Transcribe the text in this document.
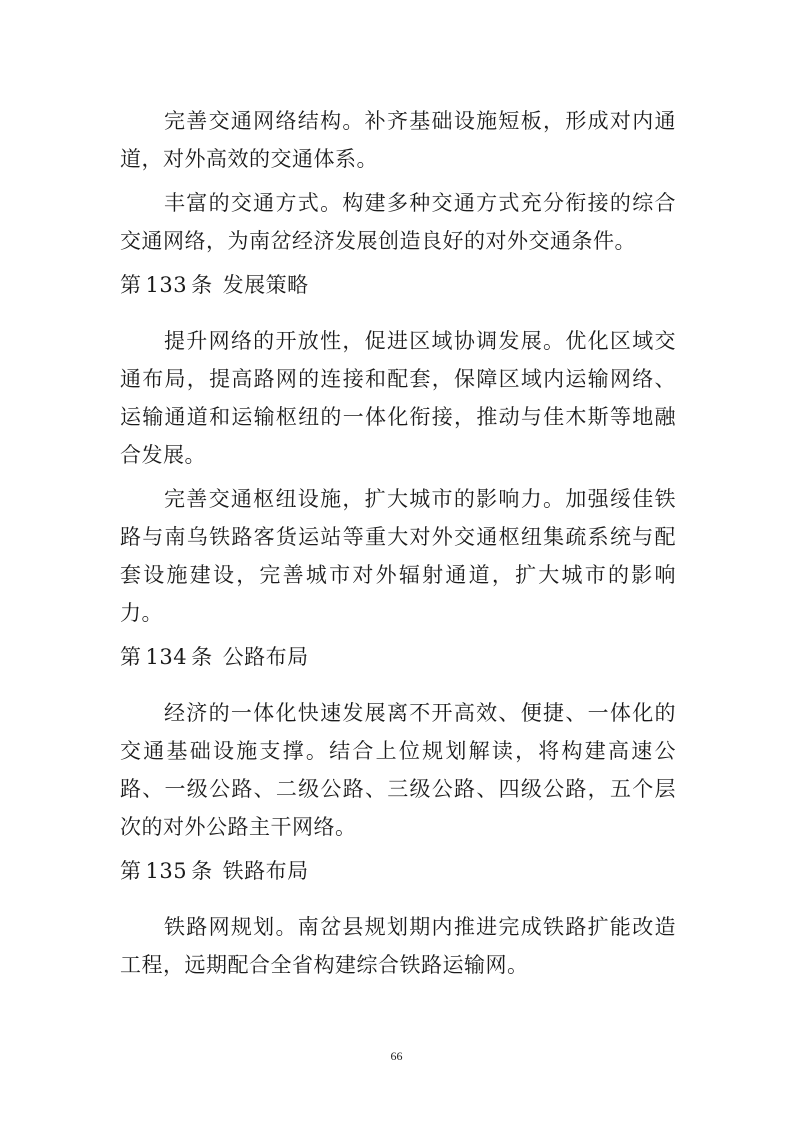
完善交通网络结构。补齐基础设施短板，形成对内通道，对外高效的交通体系。

丰富的交通方式。构建多种交通方式充分衔接的综合交通网络，为南岔经济发展创造良好的对外交通条件。

第 133 条 发展策略

提升网络的开放性，促进区域协调发展。优化区域交通布局，提高路网的连接和配套，保障区域内运输网络、运输通道和运输枢纽的一体化衔接，推动与佳木斯等地融合发展。

完善交通枢纽设施，扩大城市的影响力。加强绥佳铁路与南乌铁路客货运站等重大对外交通枢纽集疏系统与配套设施建设，完善城市对外辐射通道，扩大城市的影响力。

第 134 条 公路布局

经济的一体化快速发展离不开高效、便捷、一体化的交通基础设施支撑。结合上位规划解读，将构建高速公路、一级公路、二级公路、三级公路、四级公路，五个层次的对外公路主干网络。

第 135 条 铁路布局

铁路网规划。南岔县规划期内推进完成铁路扩能改造工程，远期配合全省构建综合铁路运输网。

66
